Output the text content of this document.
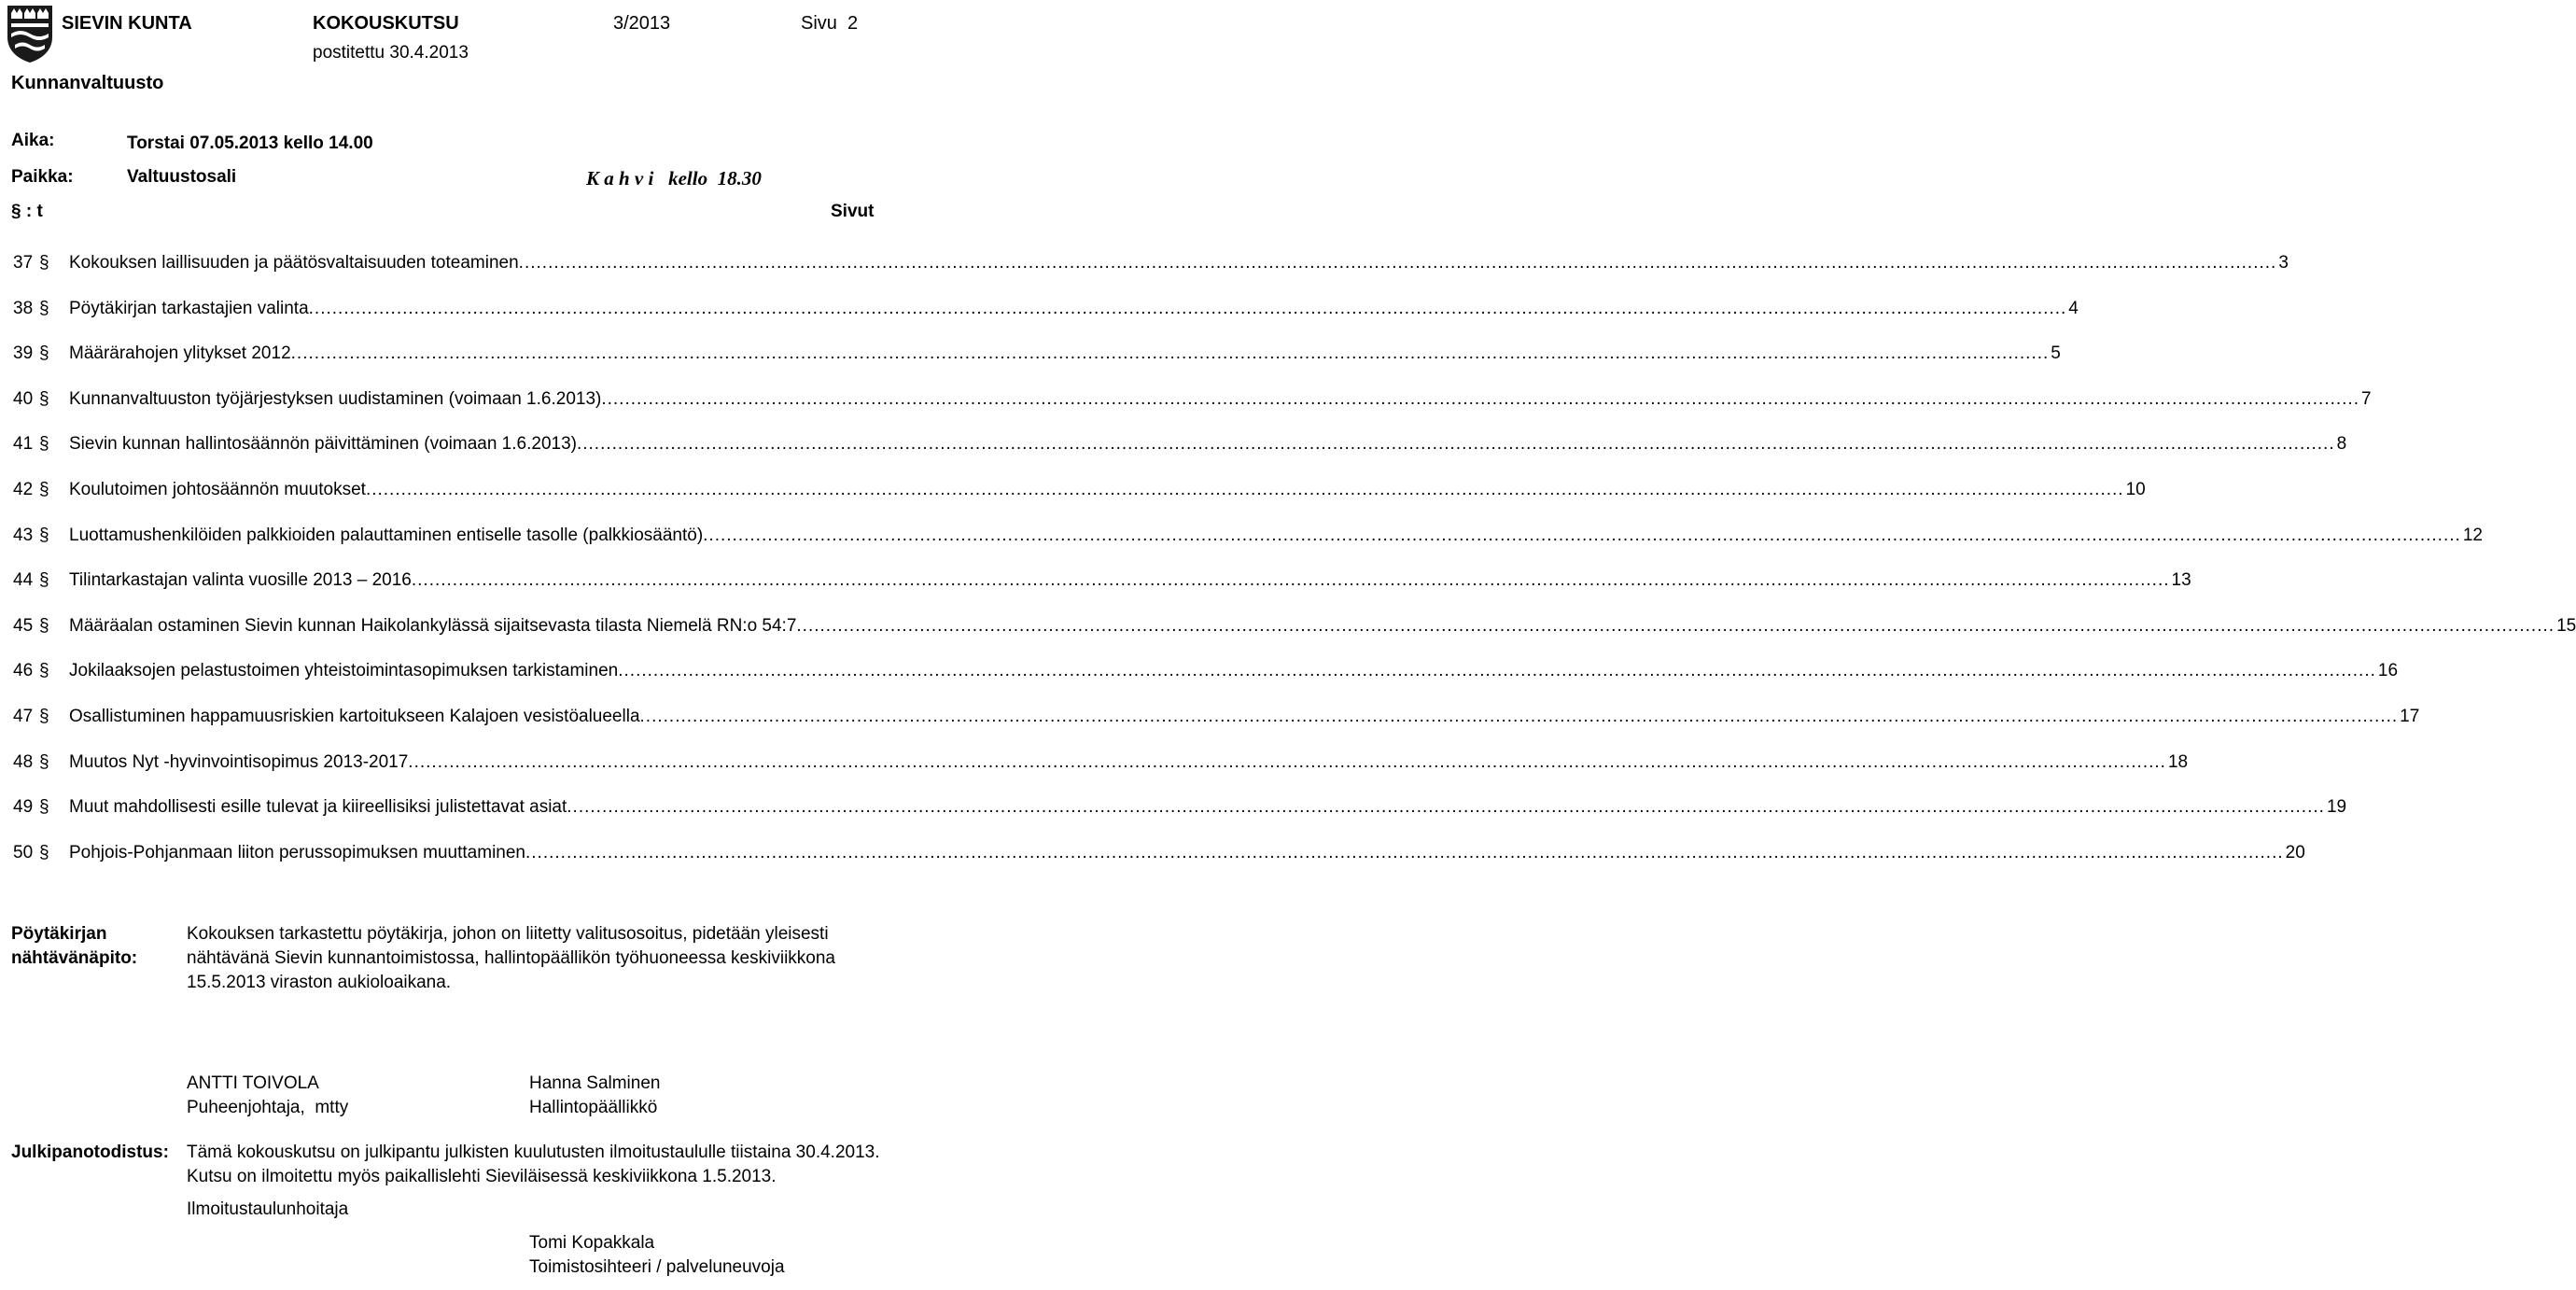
SIEVIN KUNTA	KOKOUSKUTSU	3/2013	Sivu  2
postitettu 30.4.2013
Kunnanvaltuusto
Aika:	Torstai 07.05.2013 kello 14.00
Paikka:	Valtuustosali	K a h v i   kello  18.30
§ : t	Sivut
37 §	Kokouksen laillisuuden ja päätösvaltaisuuden toteaminen ............................................................................................................................................................................................................................................................................................................ 3
38 §	Pöytäkirjan tarkastajien valinta ............................................................................................................................................................................................................................................................................................................ 4
39 §	Määrärahojen ylitykset 2012 ............................................................................................................................................................................................................................................................................................................ 5
40 §	Kunnanvaltuuston työjärjestyksen uudistaminen (voimaan 1.6.2013) ............................................................................................................................................................................................................................................................................................................ 7
41 §	Sievin kunnan hallintosäännön päivittäminen (voimaan 1.6.2013) ............................................................................................................................................................................................................................................................................................................ 8
42 §	Koulutoimen johtosäännön muutokset ............................................................................................................................................................................................................................................................................................................ 10
43 §	Luottamushenkilöiden palkkioiden palauttaminen entiselle tasolle (palkkiosääntö) ............................................................................................................................................................................................................................................................................................................ 12
44 §	Tilintarkastajan valinta vuosille 2013 – 2016 ............................................................................................................................................................................................................................................................................................................ 13
45 §	Määräalan ostaminen Sievin kunnan Haikolankylässä sijaitsevasta tilasta Niemelä RN:o 54:7 ............................................................................................................................................................................................................................................................................................................ 15
46 §	Jokilaaksojen pelastustoimen yhteistoimintasopimuksen tarkistaminen ............................................................................................................................................................................................................................................................................................................ 16
47 §	Osallistuminen happamuusriskien kartoitukseen Kalajoen vesistöalueella ............................................................................................................................................................................................................................................................................................................ 17
48 §	Muutos Nyt -hyvinvointisopimus 2013-2017 ............................................................................................................................................................................................................................................................................................................ 18
49 §	Muut mahdollisesti esille tulevat ja kiireellisiksi julistettavat asiat ............................................................................................................................................................................................................................................................................................................ 19
50 §	Pohjois-Pohjanmaan liiton perussopimuksen muuttaminen ............................................................................................................................................................................................................................................................................................................ 20
Pöytäkirjan
nähtävänäpito:
Kokouksen tarkastettu pöytäkirja, johon on liitetty valitusosoitus, pidetään yleisesti
nähtävänä Sievin kunnantoimistossa, hallintopäällikön työhuoneessa keskiviikkona
15.5.2013 viraston aukioloaikana.
ANTTI TOIVOLA
Puheenjohtaja,  mtty
Hanna Salminen
Hallintopäällikkö
Julkipanotodistus: Tämä kokouskutsu on julkipantu julkisten kuulutusten ilmoitustaululle tiistaina 30.4.2013.
Kutsu on ilmoitettu myös paikallislehti Sieviläisessä keskiviikkona 1.5.2013.
Ilmoitustaulunhoitaja
Tomi Kopakkala
Toimistosihteeri / palveluneuvoja
